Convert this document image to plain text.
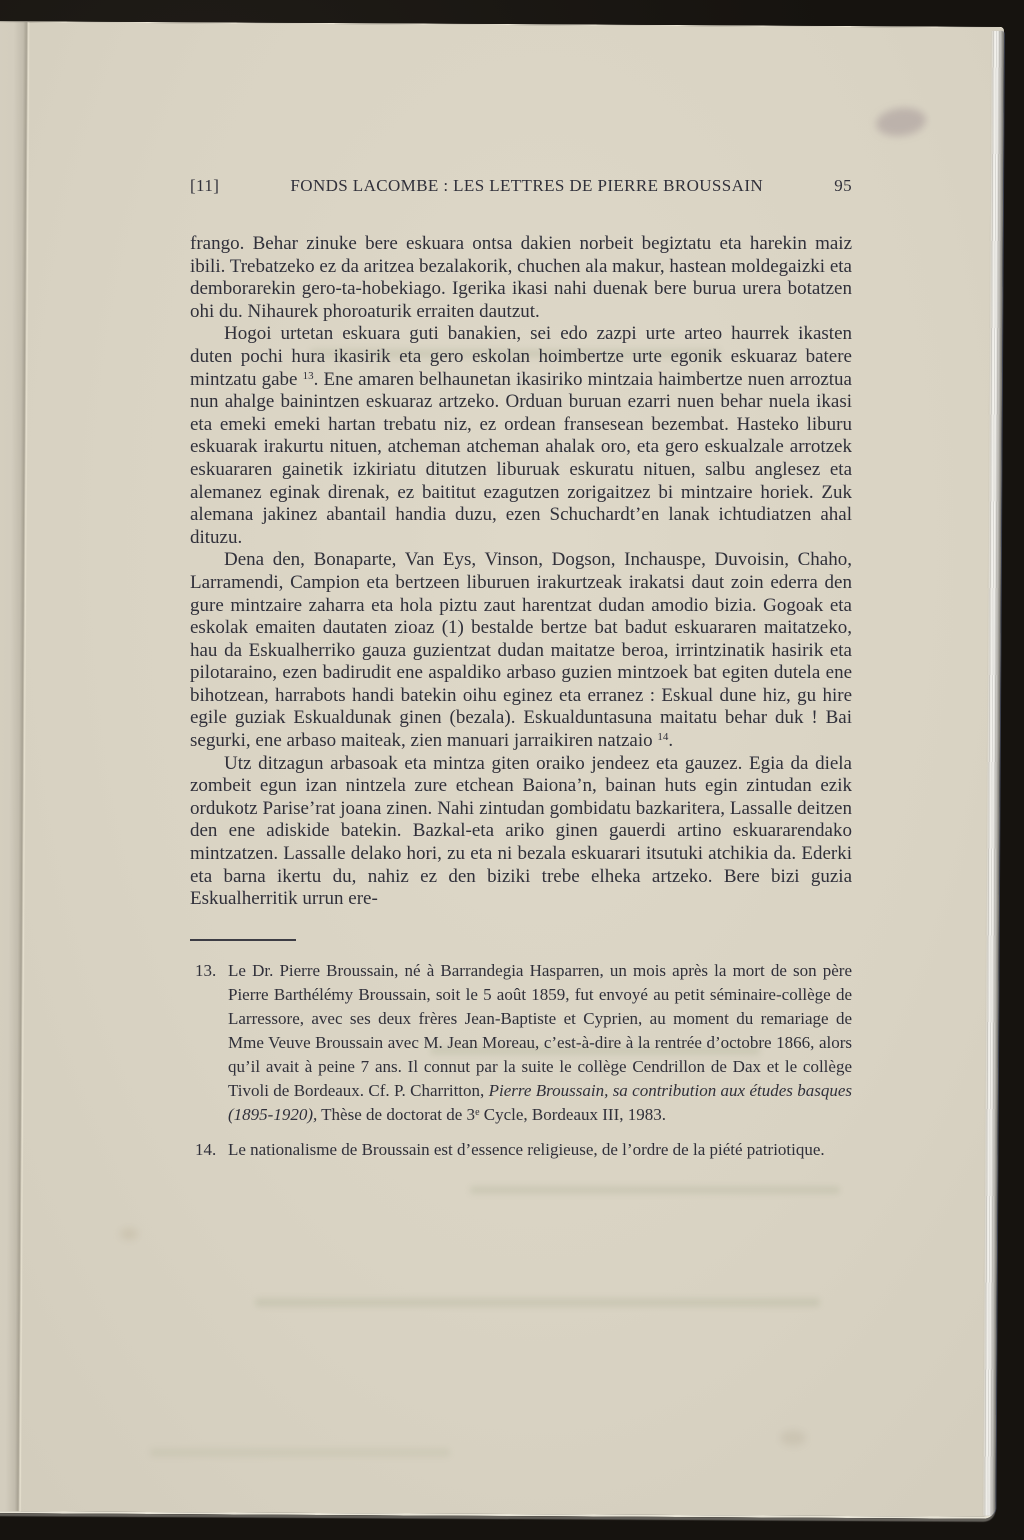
[11]	FONDS LACOMBE : LES LETTRES DE PIERRE BROUSSAIN	95

frango. Behar zinuke bere eskuara ontsa dakien norbeit begiztatu eta harekin maiz ibili. Trebatzeko ez da aritzea bezalakorik, chuchen ala makur, hastean moldegaizki eta demborarekin gero-ta-hobekiago. Igerika ikasi nahi duenak bere burua urera botatzen ohi du. Nihaurek phoroaturik erraiten dautzut.

Hogoi urtetan eskuara guti banakien, sei edo zazpi urte arteo haurrek ikasten duten pochi hura ikasirik eta gero eskolan hoimbertze urte egonik eskuaraz batere mintzatu gabe $^{13}$. Ene amaren belhaunetan ikasiriko mintzaia haimbertze nuen arroztua nun ahalge bainintzen eskuaraz artzeko. Orduan buruan ezarri nuen behar nuela ikasi eta emeki emeki hartan trebatu niz, ez ordean fransesean bezembat. Hasteko liburu eskuarak irakurtu nituen, atcheman atcheman ahalak oro, eta gero eskualzale arrotzek eskuararen gainetik izkiriatu ditutzen liburuak eskuratu nituen, salbu anglesez eta alemanez eginak direnak, ez baititut ezagutzen zorigaitzez bi mintzaire horiek. Zuk alemana jakinez abantail handia duzu, ezen Schuchardt’en lanak ichtudiatzen ahal dituzu.

Dena den, Bonaparte, Van Eys, Vinson, Dogson, Inchauspe, Duvoisin, Chaho, Larramendi, Campion eta bertzeen liburuen irakurtzeak irakatsi daut zoin ederra den gure mintzaire zaharra eta hola piztu zaut harentzat dudan amodio bizia. Gogoak eta eskolak emaiten dautaten zioaz (1) bestalde bertze bat badut eskuararen maitatzeko, hau da Eskualherriko gauza guzientzat dudan maitatze beroa, irrintzinatik hasirik eta pilotaraino, ezen badirudit ene aspaldiko arbaso guzien mintzoek bat egiten dutela ene bihotzean, harrabots handi batekin oihu eginez eta erranez : Eskual dune hiz, gu hire egile guziak Eskualdunak ginen (bezala). Eskualduntasuna maitatu behar duk ! Bai segurki, ene arbaso maiteak, zien manuari jarraikiren natzaio $^{14}$.

Utz ditzagun arbasoak eta mintza giten oraiko jendeez eta gauzez. Egia da diela zombeit egun izan nintzela zure etchean Baiona’n, bainan huts egin zintudan ezik ordukotz Parise’rat joana zinen. Nahi zintudan gombidatu bazkaritera, Lassalle deitzen den ene adiskide batekin. Bazkal-eta ariko ginen gauerdi artino eskuararendako mintzatzen. Lassalle delako hori, zu eta ni bezala eskuarari itsutuki atchikia da. Ederki eta barna ikertu du, nahiz ez den biziki trebe elheka artzeko. Bere bizi guzia Eskualherritik urrun ere-

13. Le Dr. Pierre Broussain, né à Barrandegia Hasparren, un mois après la mort de son père Pierre Barthélémy Broussain, soit le 5 août 1859, fut envoyé au petit séminaire-collège de Larressore, avec ses deux frères Jean-Baptiste et Cyprien, au moment du remariage de Mme Veuve Broussain avec M. Jean Moreau, c’est-à-dire à la rentrée d’octobre 1866, alors qu’il avait à peine 7 ans. Il connut par la suite le collège Cendrillon de Dax et le collège Tivoli de Bordeaux. Cf. P. Charritton, Pierre Broussain, sa contribution aux études basques (1895-1920), Thèse de doctorat de 3e Cycle, Bordeaux III, 1983.
14. Le nationalisme de Broussain est d’essence religieuse, de l’ordre de la piété patriotique.
